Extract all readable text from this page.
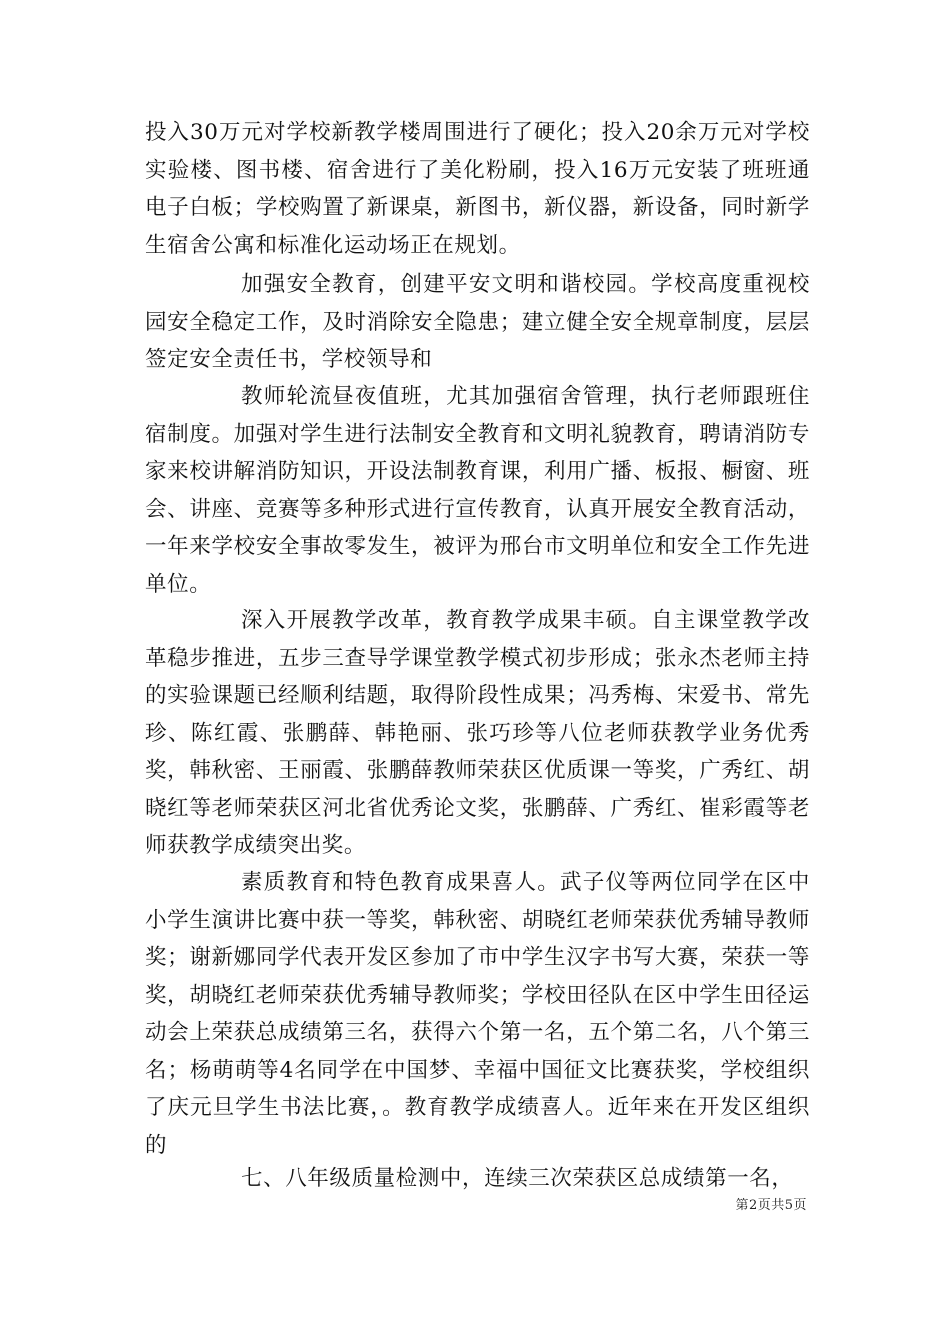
投入30万元对学校新教学楼周围进行了硬化；投入20余万元对学校实验楼、图书楼、宿舍进行了美化粉刷，投入16万元安装了班班通电子白板；学校购置了新课桌，新图书，新仪器，新设备，同时新学生宿舍公寓和标准化运动场正在规划。

加强安全教育，创建平安文明和谐校园。学校高度重视校园安全稳定工作，及时消除安全隐患；建立健全安全规章制度，层层签定安全责任书，学校领导和

教师轮流昼夜值班，尤其加强宿舍管理，执行老师跟班住宿制度。加强对学生进行法制安全教育和文明礼貌教育，聘请消防专家来校讲解消防知识，开设法制教育课，利用广播、板报、橱窗、班会、讲座、竞赛等多种形式进行宣传教育，认真开展安全教育活动，一年来学校安全事故零发生，被评为邢台市文明单位和安全工作先进单位。

深入开展教学改革，教育教学成果丰硕。自主课堂教学改革稳步推进，五步三查导学课堂教学模式初步形成；张永杰老师主持的实验课题已经顺利结题，取得阶段性成果；冯秀梅、宋爱书、常先珍、陈红霞、张鹏薛、韩艳丽、张巧珍等八位老师获教学业务优秀奖，韩秋密、王丽霞、张鹏薛教师荣获区优质课一等奖，广秀红、胡晓红等老师荣获区河北省优秀论文奖，张鹏薛、广秀红、崔彩霞等老师获教学成绩突出奖。

素质教育和特色教育成果喜人。武子仪等两位同学在区中小学生演讲比赛中获一等奖，韩秋密、胡晓红老师荣获优秀辅导教师奖；谢新娜同学代表开发区参加了市中学生汉字书写大赛，荣获一等奖，胡晓红老师荣获优秀辅导教师奖；学校田径队在区中学生田径运动会上荣获总成绩第三名，获得六个第一名，五个第二名，八个第三名；杨萌萌等4名同学在中国梦、幸福中国征文比赛获奖，学校组织了庆元旦学生书法比赛，。教育教学成绩喜人。近年来在开发区组织的

七、八年级质量检测中，连续三次荣获区总成绩第一名，

第2页共5页
